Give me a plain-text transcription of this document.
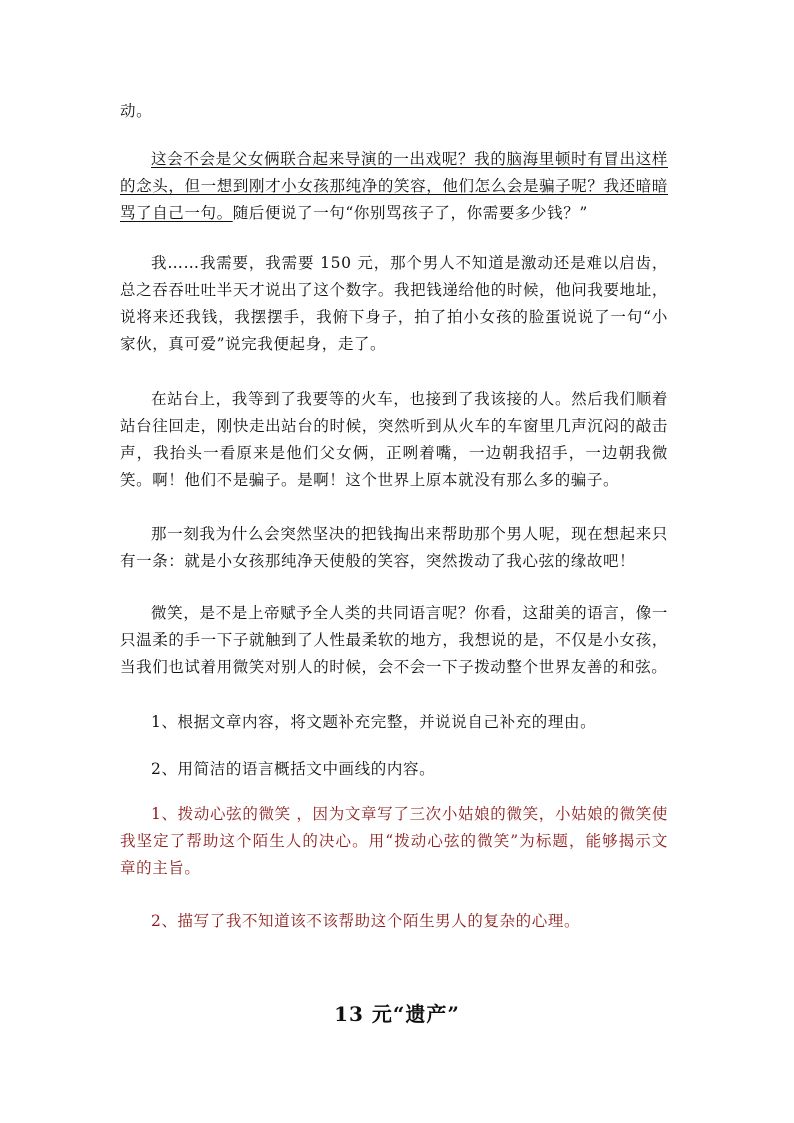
动。

这会不会是父女俩联合起来导演的一出戏呢？我的脑海里顿时有冒出这样的念头，但一想到刚才小女孩那纯净的笑容，他们怎么会是骗子呢？我还暗暗骂了自己一句。随后便说了一句“你别骂孩子了，你需要多少钱？”

我……我需要，我需要 150 元，那个男人不知道是激动还是难以启齿，总之吞吞吐吐半天才说出了这个数字。我把钱递给他的时候，他问我要地址，说将来还我钱，我摆摆手，我俯下身子，拍了拍小女孩的脸蛋说说了一句“小家伙，真可爱”说完我便起身，走了。

在站台上，我等到了我要等的火车，也接到了我该接的人。然后我们顺着站台往回走，刚快走出站台的时候，突然听到从火车的车窗里几声沉闷的敲击声，我抬头一看原来是他们父女俩，正咧着嘴，一边朝我招手，一边朝我微笑。啊！他们不是骗子。是啊！这个世界上原本就没有那么多的骗子。

那一刻我为什么会突然坚决的把钱掏出来帮助那个男人呢，现在想起来只有一条：就是小女孩那纯净天使般的笑容，突然拨动了我心弦的缘故吧！

微笑，是不是上帝赋予全人类的共同语言呢？你看，这甜美的语言，像一只温柔的手一下子就触到了人性最柔软的地方，我想说的是，不仅是小女孩，当我们也试着用微笑对别人的时候，会不会一下子拨动整个世界友善的和弦。

1、根据文章内容，将文题补充完整，并说说自己补充的理由。

2、用简洁的语言概括文中画线的内容。

1、拨动心弦的微笑 ，因为文章写了三次小姑娘的微笑，小姑娘的微笑使我坚定了帮助这个陌生人的决心。用“拨动心弦的微笑”为标题，能够揭示文章的主旨。

2、描写了我不知道该不该帮助这个陌生男人的复杂的心理。

13 元“遗产”
